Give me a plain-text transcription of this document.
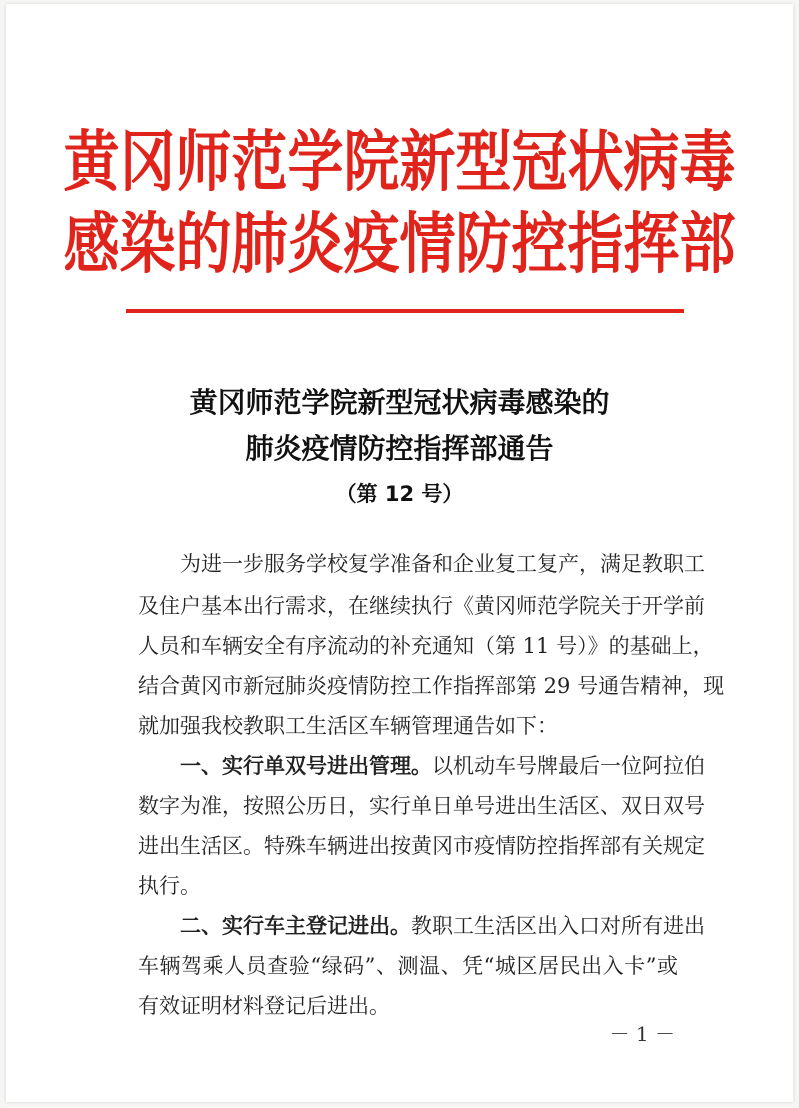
黄冈师范学院新型冠状病毒
感染的肺炎疫情防控指挥部
黄冈师范学院新型冠状病毒感染的
肺炎疫情防控指挥部通告
（第 12 号）
为进一步服务学校复学准备和企业复工复产，满足教职工
及住户基本出行需求，在继续执行《黄冈师范学院关于开学前
人员和车辆安全有序流动的补充通知（第 11 号）》的基础上，
结合黄冈市新冠肺炎疫情防控工作指挥部第 29 号通告精神，现
就加强我校教职工生活区车辆管理通告如下：
一、实行单双号进出管理。以机动车号牌最后一位阿拉伯
数字为准，按照公历日，实行单日单号进出生活区、双日双号
进出生活区。特殊车辆进出按黄冈市疫情防控指挥部有关规定
执行。
二、实行车主登记进出。教职工生活区出入口对所有进出
车辆驾乘人员查验“绿码”、测温、凭“城区居民出入卡”或
有效证明材料登记后进出。
－ 1 －
